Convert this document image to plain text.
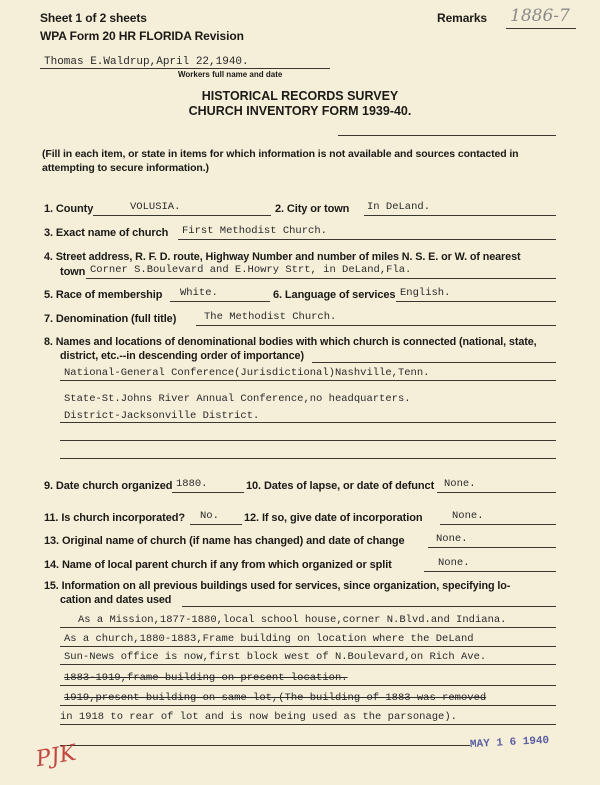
Sheet 1 of 2 sheets
WPA Form 20 HR FLORIDA Revision
Remarks 1886-7
Thomas E.Waldrup,April 22,1940.
Workers full name and date
HISTORICAL RECORDS SURVEY
CHURCH INVENTORY FORM 1939-40.
(Fill in each item, or state in items for which information is not available and sources contacted in
attempting to secure information.)
1. County	VOLUSIA.	2. City or town In DeLand.
3. Exact name of church First Methodist Church.
4. Street address, R. F. D. route, Highway Number and number of miles N. S. E. or W. of nearest
town Corner S.Boulevard and E.Howry Strt, in DeLand,Fla.
5. Race of membership White.	6. Language of services English.
7. Denomination (full title)	The Methodist Church.
8. Names and locations of denominational bodies with which church is connected (national, state,
district, etc.--in descending order of importance)
National-General Conference(Jurisdictional)Nashville,Tenn.
State-St.Johns River Annual Conference,no headquarters.
District-Jacksonville District.
9. Date church organized 1880.	10. Dates of lapse, or date of defunct None.
11. Is church incorporated? No. 12. If so, give date of incorporation	None.
13. Original name of church (if name has changed) and date of change	None.
14. Name of local parent church if any from which organized or split	None.
15. Information on all previous buildings used for services, since organization, specifying lo-
cation and dates used
As a Mission,1877-1880,local school house,corner N.Blvd.and Indiana.
As a church,1880-1883,Frame building on location where the DeLand
Sun-News office is now,first block west of N.Boulevard,on Rich Ave.
1883-1919,frame building on present location.
1919,present building on same lot,(The building of 1883 was removed
in 1918 to rear of lot and is now being used as the parsonage).
MAY 1 6 1940
PJK
